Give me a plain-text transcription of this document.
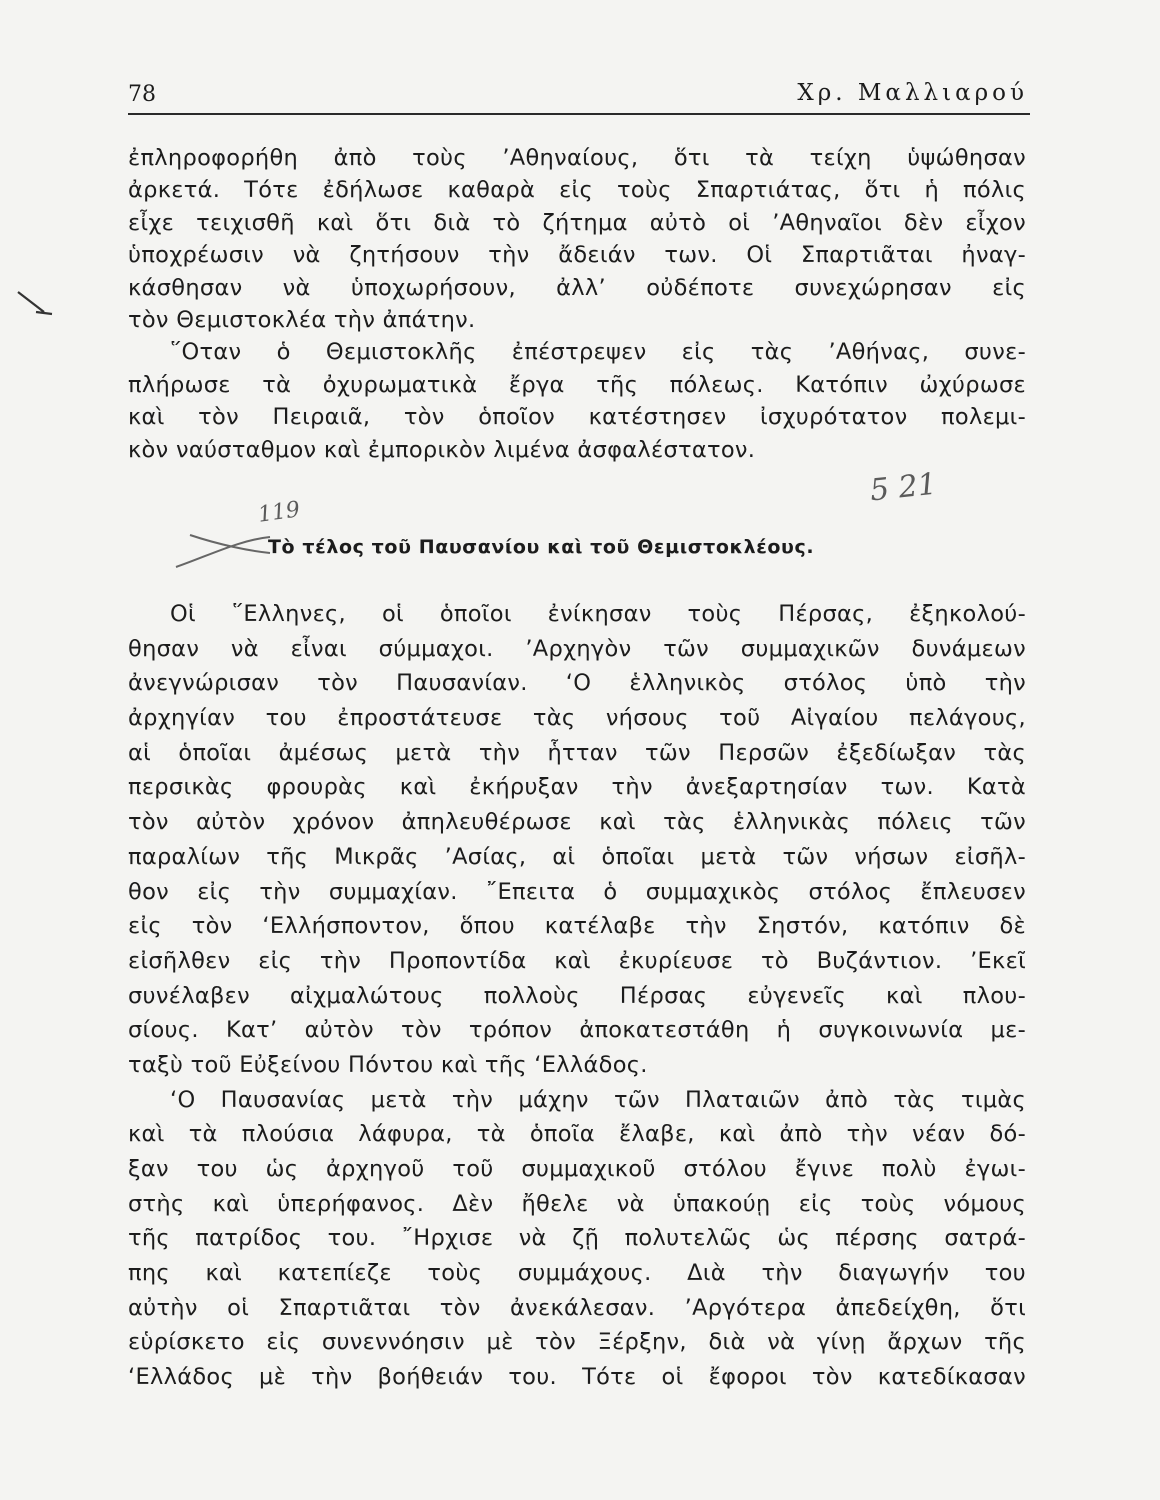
78	Χρ. Μαλλιαρού
ἐπληροφορήθη ἀπὸ τοὺς ’Αθηναίους, ὅτι τὰ τείχη ὑψώθησαν
ἀρκετά. Τότε ἐδήλωσε καθαρὰ εἰς τοὺς Σπαρτιάτας, ὅτι ἡ πόλις
εἶχε τειχισθῆ καὶ ὅτι διὰ τὸ ζήτημα αὐτὸ οἱ ’Αθηναῖοι δὲν εἶχον
ὑποχρέωσιν νὰ ζητήσουν τὴν ἄδειάν των. Οἱ Σπαρτιᾶται ἠναγ-
κάσθησαν νὰ ὑποχωρήσουν, ἀλλ’ οὐδέποτε συνεχώρησαν εἰς
τὸν Θεμιστοκλέα τὴν ἀπάτην.
῞Οταν ὁ Θεμιστοκλῆς ἐπέστρεψεν εἰς τὰς ’Αθήνας, συνε-
πλήρωσε τὰ ὀχυρωματικὰ ἔργα τῆς πόλεως. Κατόπιν ὠχύρωσε
καὶ τὸν Πειραιᾶ, τὸν ὁποῖον κατέστησεν ἰσχυρότατον πολεμι-
κὸν ναύσταθμον καὶ ἐμπορικὸν λιμένα ἀσφαλέστατον.
5 21
Τὸ τέλος τοῦ Παυσανίου καὶ τοῦ Θεμιστοκλέους.
119
Οἱ ῞Ελληνες, οἱ ὁποῖοι ἐνίκησαν τοὺς Πέρσας, ἐξηκολού-
θησαν νὰ εἶναι σύμμαχοι. ’Αρχηγὸν τῶν συμμαχικῶν δυνάμεων
ἀνεγνώρισαν τὸν Παυσανίαν. ‘Ο ἑλληνικὸς στόλος ὑπὸ τὴν
ἀρχηγίαν του ἐπροστάτευσε τὰς νήσους τοῦ Αἰγαίου πελάγους,
αἱ ὁποῖαι ἀμέσως μετὰ τὴν ἧτταν τῶν Περσῶν ἐξεδίωξαν τὰς
περσικὰς φρουρὰς καὶ ἐκήρυξαν τὴν ἀνεξαρτησίαν των. Κατὰ
τὸν αὐτὸν χρόνον ἀπηλευθέρωσε καὶ τὰς ἑλληνικὰς πόλεις τῶν
παραλίων τῆς Μικρᾶς ’Ασίας, αἱ ὁποῖαι μετὰ τῶν νήσων εἰσῆλ-
θον εἰς τὴν συμμαχίαν. ῎Επειτα ὁ συμμαχικὸς στόλος ἔπλευσεν
εἰς τὸν ‘Ελλήσποντον, ὅπου κατέλαβε τὴν Σηστόν, κατόπιν δὲ
εἰσῆλθεν εἰς τὴν Προποντίδα καὶ ἐκυρίευσε τὸ Βυζάντιον. ’Εκεῖ
συνέλαβεν αἰχμαλώτους πολλοὺς Πέρσας εὐγενεῖς καὶ πλου-
σίους. Κατ’ αὐτὸν τὸν τρόπον ἀποκατεστάθη ἡ συγκοινωνία με-
ταξὺ τοῦ Εὐξείνου Πόντου καὶ τῆς ‘Ελλάδος.
‘Ο Παυσανίας μετὰ τὴν μάχην τῶν Πλαταιῶν ἀπὸ τὰς τιμὰς
καὶ τὰ πλούσια λάφυρα, τὰ ὁποῖα ἔλαβε, καὶ ἀπὸ τὴν νέαν δό-
ξαν του ὡς ἀρχηγοῦ τοῦ συμμαχικοῦ στόλου ἔγινε πολὺ ἐγωι-
στὴς καὶ ὑπερήφανος. Δὲν ἤθελε νὰ ὑπακούῃ εἰς τοὺς νόμους
τῆς πατρίδος του. ῎Ηρχισε νὰ ζῇ πολυτελῶς ὡς πέρσης σατρά-
πης καὶ κατεπίεζε τοὺς συμμάχους. Διὰ τὴν διαγωγήν του
αὐτὴν οἱ Σπαρτιᾶται τὸν ἀνεκάλεσαν. ’Αργότερα ἀπεδείχθη, ὅτι
εὑρίσκετο εἰς συνεννόησιν μὲ τὸν Ξέρξην, διὰ νὰ γίνῃ ἄρχων τῆς
‘Ελλάδος μὲ τὴν βοήθειάν του. Τότε οἱ ἔφοροι τὸν κατεδίκασαν
